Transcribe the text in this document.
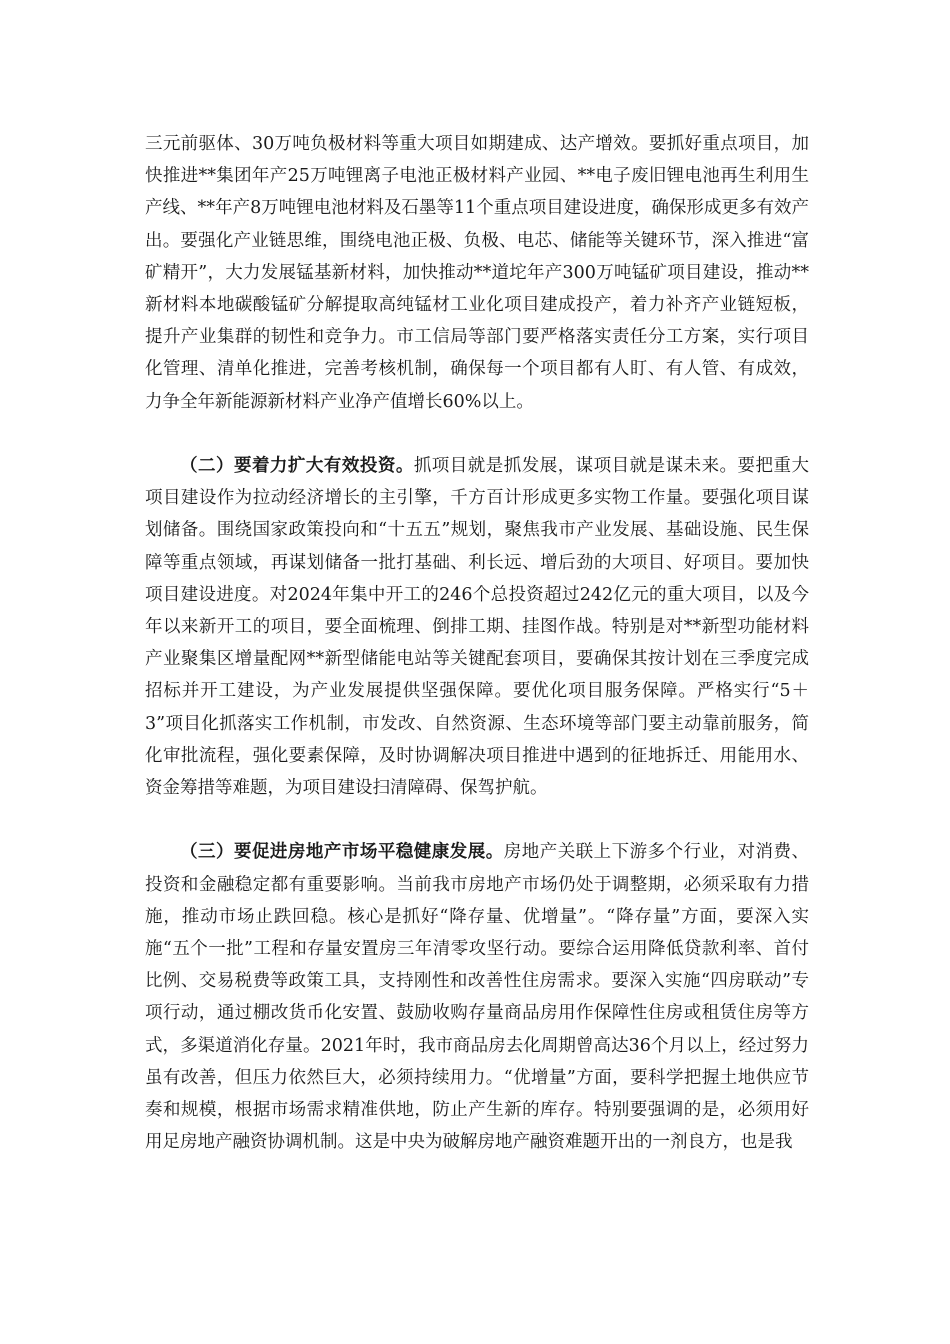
三元前驱体、30万吨负极材料等重大项目如期建成、达产增效。要抓好重点项目，加快推进**集团年产25万吨锂离子电池正极材料产业园、**电子废旧锂电池再生利用生产线、**年产8万吨锂电池材料及石墨等11个重点项目建设进度，确保形成更多有效产出。要强化产业链思维，围绕电池正极、负极、电芯、储能等关键环节，深入推进“富矿精开”，大力发展锰基新材料，加快推动**道坨年产300万吨锰矿项目建设，推动**新材料本地碳酸锰矿分解提取高纯锰材工业化项目建成投产，着力补齐产业链短板，提升产业集群的韧性和竞争力。市工信局等部门要严格落实责任分工方案，实行项目化管理、清单化推进，完善考核机制，确保每一个项目都有人盯、有人管、有成效，力争全年新能源新材料产业净产值增长60%以上。

（二）要着力扩大有效投资。抓项目就是抓发展，谋项目就是谋未来。要把重大项目建设作为拉动经济增长的主引擎，千方百计形成更多实物工作量。要强化项目谋划储备。围绕国家政策投向和“十五五”规划，聚焦我市产业发展、基础设施、民生保障等重点领域，再谋划储备一批打基础、利长远、增后劲的大项目、好项目。要加快项目建设进度。对2024年集中开工的246个总投资超过242亿元的重大项目，以及今年以来新开工的项目，要全面梳理、倒排工期、挂图作战。特别是对**新型功能材料产业聚集区增量配网**新型储能电站等关键配套项目，要确保其按计划在三季度完成招标并开工建设，为产业发展提供坚强保障。要优化项目服务保障。严格实行“5＋3”项目化抓落实工作机制，市发改、自然资源、生态环境等部门要主动靠前服务，简化审批流程，强化要素保障，及时协调解决项目推进中遇到的征地拆迁、用能用水、资金筹措等难题，为项目建设扫清障碍、保驾护航。

（三）要促进房地产市场平稳健康发展。房地产关联上下游多个行业，对消费、投资和金融稳定都有重要影响。当前我市房地产市场仍处于调整期，必须采取有力措施，推动市场止跌回稳。核心是抓好“降存量、优增量”。“降存量”方面，要深入实施“五个一批”工程和存量安置房三年清零攻坚行动。要综合运用降低贷款利率、首付比例、交易税费等政策工具，支持刚性和改善性住房需求。要深入实施“四房联动”专项行动，通过棚改货币化安置、鼓励收购存量商品房用作保障性住房或租赁住房等方式，多渠道消化存量。2021年时，我市商品房去化周期曾高达36个月以上，经过努力虽有改善，但压力依然巨大，必须持续用力。“优增量”方面，要科学把握土地供应节奏和规模，根据市场需求精准供地，防止产生新的库存。特别要强调的是，必须用好用足房地产融资协调机制。这是中央为破解房地产融资难题开出的一剂良方，也是我
